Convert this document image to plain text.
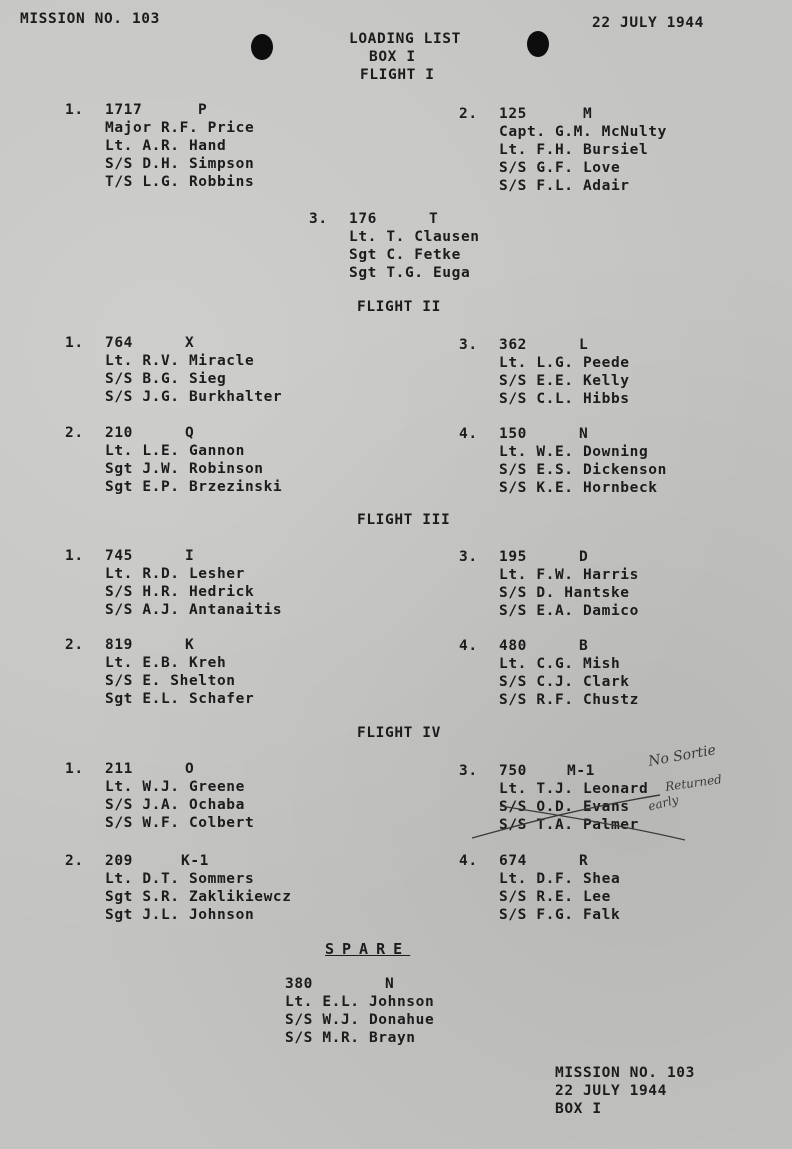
MISSION NO. 103	22 JULY 1944
LOADING LIST
BOX I
FLIGHT I
1. 1717	P
Major R.F. Price
Lt. A.R. Hand
S/S D.H. Simpson
T/S L.G. Robbins
2. 125	M
Capt. G.M. McNulty
Lt. F.H. Bursiel
S/S G.F. Love
S/S F.L. Adair
3. 176	T
Lt. T. Clausen
Sgt C. Fetke
Sgt T.G. Euga
FLIGHT II
1. 764	X
Lt. R.V. Miracle
S/S B.G. Sieg
S/S J.G. Burkhalter
3. 362	L
Lt. L.G. Peede
S/S E.E. Kelly
S/S C.L. Hibbs
2. 210	Q
Lt. L.E. Gannon
Sgt J.W. Robinson
Sgt E.P. Brzezinski
4. 150	N
Lt. W.E. Downing
S/S E.S. Dickenson
S/S K.E. Hornbeck
FLIGHT III
1. 745	I
Lt. R.D. Lesher
S/S H.R. Hedrick
S/S A.J. Antanaitis
3. 195	D
Lt. F.W. Harris
S/S D. Hantske
S/S E.A. Damico
2. 819	K
Lt. E.B. Kreh
S/S E. Shelton
Sgt E.L. Schafer
4. 480	B
Lt. C.G. Mish
S/S C.J. Clark
S/S R.F. Chustz
FLIGHT IV
1. 211	O
Lt. W.J. Greene
S/S J.A. Ochaba
S/S W.F. Colbert
3. 750	M-1
Lt. T.J. Leonard
S/S O.D. Evans
S/S T.A. Palmer
2. 209	K-1
Lt. D.T. Sommers
Sgt S.R. Zaklikiewcz
Sgt J.L. Johnson
4. 674	R
Lt. D.F. Shea
S/S R.E. Lee
S/S F.G. Falk
No Sortie
Returned
early
SPARE
380	N
Lt. E.L. Johnson
S/S W.J. Donahue
S/S M.R. Brayn
MISSION NO. 103
22 JULY 1944
BOX I
